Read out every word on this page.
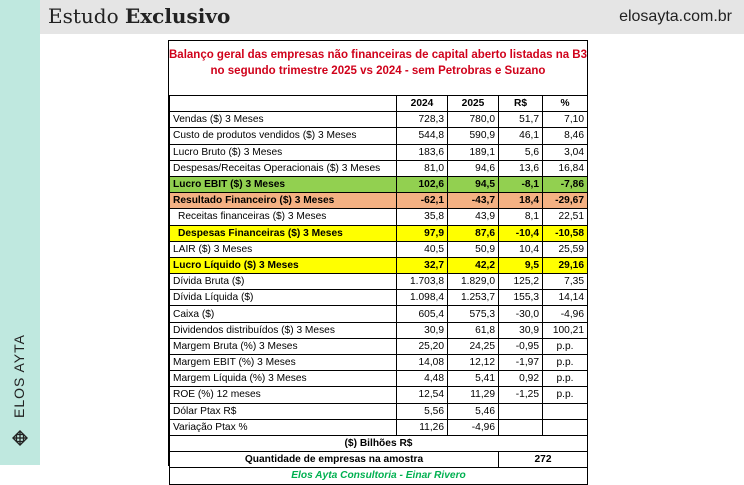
Estudo Exclusivo	elosayta.com.br
ELOS AYTA
Balanço geral das empresas não financeiras de capital aberto listadas na B3
no segundo trimestre 2025 vs 2024 - sem Petrobras e Suzano
	2024	2025	R$	%
Vendas ($) 3 Meses	728,3	780,0	51,7	7,10
Custo de produtos vendidos ($) 3 Meses	544,8	590,9	46,1	8,46
Lucro Bruto ($) 3 Meses	183,6	189,1	5,6	3,04
Despesas/Receitas Operacionais ($) 3 Meses	81,0	94,6	13,6	16,84
Lucro EBIT ($) 3 Meses	102,6	94,5	-8,1	-7,86
Resultado Financeiro ($) 3 Meses	-62,1	-43,7	18,4	-29,67
Receitas financeiras ($) 3 Meses	35,8	43,9	8,1	22,51
Despesas Financeiras ($) 3 Meses	97,9	87,6	-10,4	-10,58
LAIR ($) 3 Meses	40,5	50,9	10,4	25,59
Lucro Líquido ($) 3 Meses	32,7	42,2	9,5	29,16
Dívida Bruta ($)	1.703,8	1.829,0	125,2	7,35
Dívida Líquida ($)	1.098,4	1.253,7	155,3	14,14
Caixa ($)	605,4	575,3	-30,0	-4,96
Dividendos distribuídos ($) 3 Meses	30,9	61,8	30,9	100,21
Margem Bruta (%) 3 Meses	25,20	24,25	-0,95	p.p.
Margem EBIT (%) 3 Meses	14,08	12,12	-1,97	p.p.
Margem Líquida (%) 3 Meses	4,48	5,41	0,92	p.p.
ROE (%) 12 meses	12,54	11,29	-1,25	p.p.
Dólar Ptax R$	5,56	5,46		
Variação Ptax %	11,26	-4,96		
($) Bilhões R$				
Quantidade de empresas na amostra			272	
Elos Ayta Consultoria - Einar Rivero				
